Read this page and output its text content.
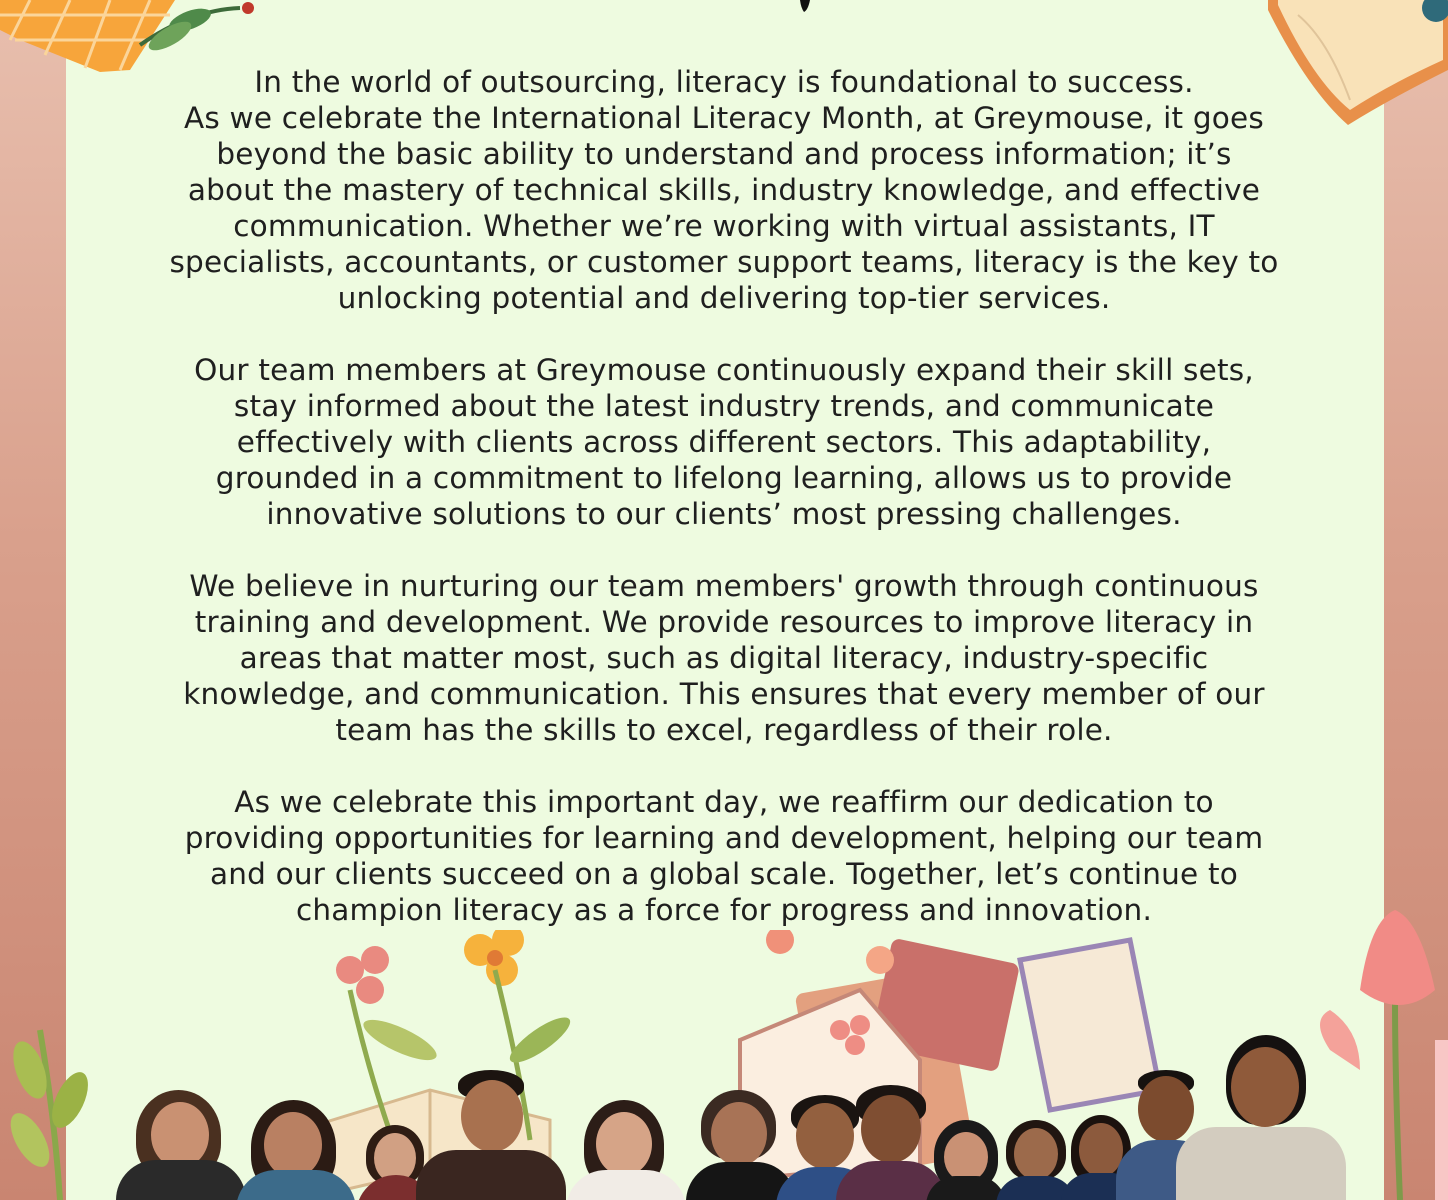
In the world of outsourcing, literacy is foundational to success.
As we celebrate the International Literacy Month, at Greymouse, it goes
beyond the basic ability to understand and process information; it’s
about the mastery of technical skills, industry knowledge, and effective
communication. Whether we’re working with virtual assistants, IT
specialists, accountants, or customer support teams, literacy is the key to
unlocking potential and delivering top-tier services.

Our team members at Greymouse continuously expand their skill sets,
stay informed about the latest industry trends, and communicate
effectively with clients across different sectors. This adaptability,
grounded in a commitment to lifelong learning, allows us to provide
innovative solutions to our clients’ most pressing challenges.

We believe in nurturing our team members' growth through continuous
training and development. We provide resources to improve literacy in
areas that matter most, such as digital literacy, industry-specific
knowledge, and communication. This ensures that every member of our
team has the skills to excel, regardless of their role.

As we celebrate this important day, we reaffirm our dedication to
providing opportunities for learning and development, helping our team
and our clients succeed on a global scale. Together, let’s continue to
champion literacy as a force for progress and innovation.
